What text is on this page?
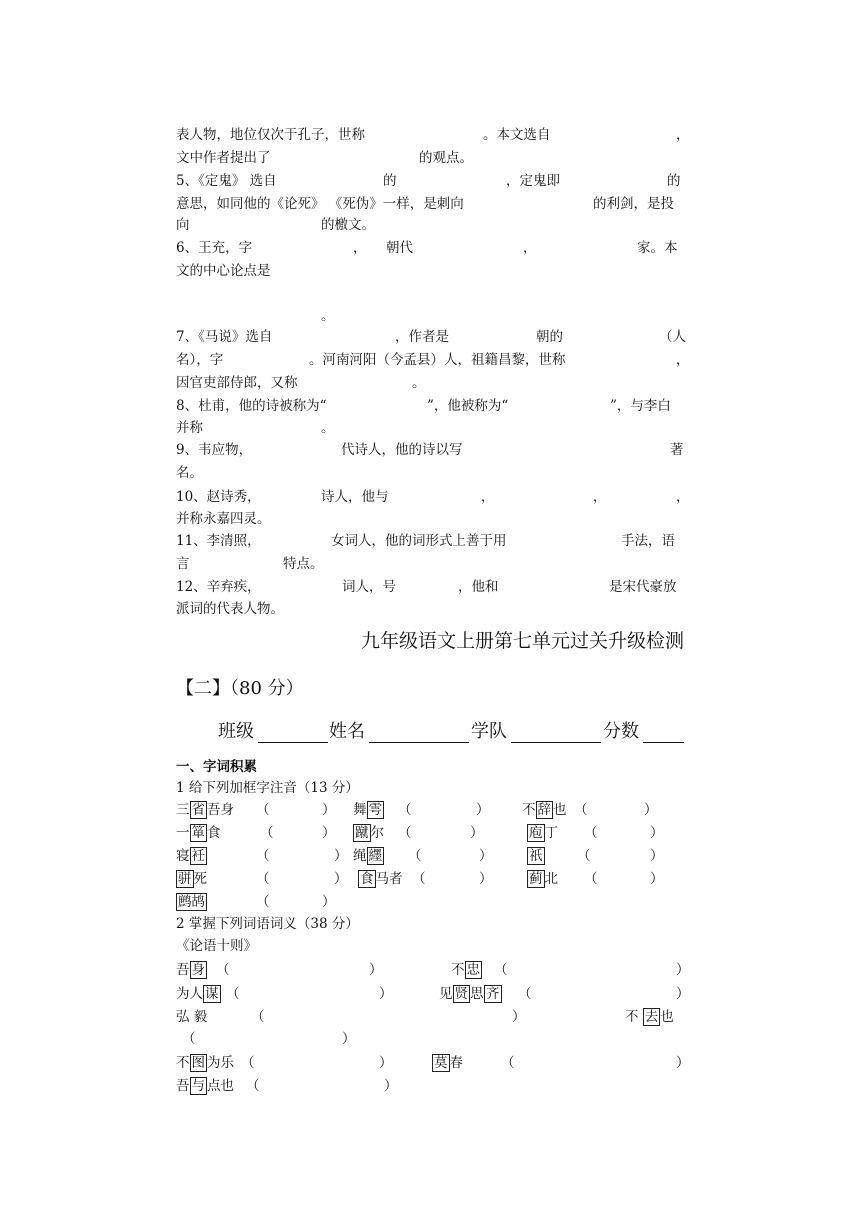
表人物，地位仅次于孔子，世称	。本文选自	，
文中作者提出了	的观点。
5、《定鬼》 选自	的	，定鬼即	的
意思，如同他的《论死》 《死伪》一样，是刺向	的利剑，是投
向	的檄文。
6、王充，字	， 朝代	，	家。本
文的中心论点是
。
7、《马说》选自	，作者是	朝的	（人
名），字	。河南河阳（今孟县）人，祖籍昌黎，世称	，
因官吏部侍郎，又称	。
8、杜甫，他的诗被称为“	”，他被称为“	”，与李白
并称	。
9、韦应物，	代诗人，他的诗以写	著
名。
10、赵诗秀，	诗人，他与	，	，	，
并称永嘉四灵。
11、李清照，	女词人，他的词形式上善于用	手法，语
言	特点。
12、辛弃疾，	词人，号	，他和	是宋代豪放
派词的代表人物。
九年级语文上册第七单元过关升级检测
【二】（80 分）
班级	姓名	学队	分数
一、字词积累
1 给下列加框字注音（13 分）
三 省 吾身 （	） 舞 雩 （	） 不 辞 也 （	）
一 箪 食	（	） 蹴 尔 （	）	庖 丁 （	）
寝 衽	（	） 绳 纆 （	）	祇	（	）
骈 死	（	） 食 马者 （	）	蓟 北 （	）
鹧鸪	（	）
2 掌握下列词语词义（38 分）
《论语十则》
吾 身 （	）	不 忠 （	）
为人 谋 （	）	见 贤 思 齐 （	）
弘 毅	（	）	不 去 也
（	）
不 图 为乐 （	）	莫 春	（	）
吾 与 点也 （	）
